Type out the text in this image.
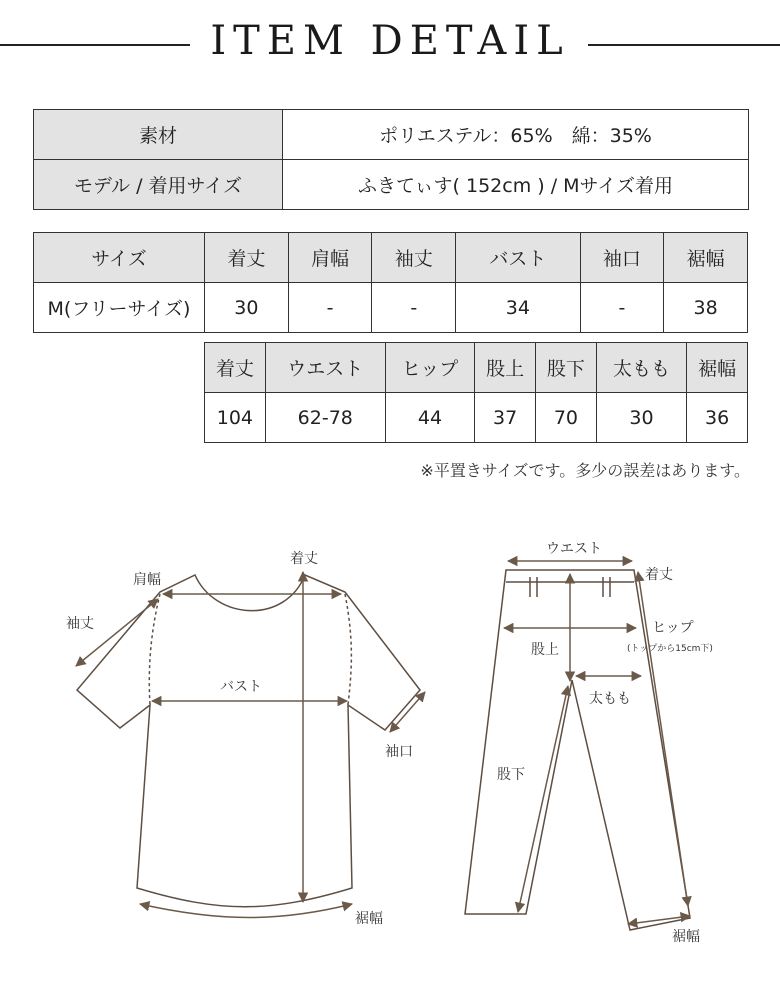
ITEM DETAIL
素材	ポリエステル：65%　綿：35%
モデル / 着用サイズ	ふきてぃす( 152cm ) / Mサイズ着用
サイズ	着丈	肩幅	袖丈	バスト	袖口	裾幅
M(フリーサイズ)	30	-	-	34	-	38
着丈	ウエスト	ヒップ	股上	股下	太もも	裾幅
104	62-78	44	37	70	30	36
※平置きサイズです。多少の誤差はあります。
着丈
肩幅
袖丈
バスト
袖口
裾幅
ウエスト
着丈
ヒップ
(トップから15cm下)
股上
太もも
股下
裾幅
